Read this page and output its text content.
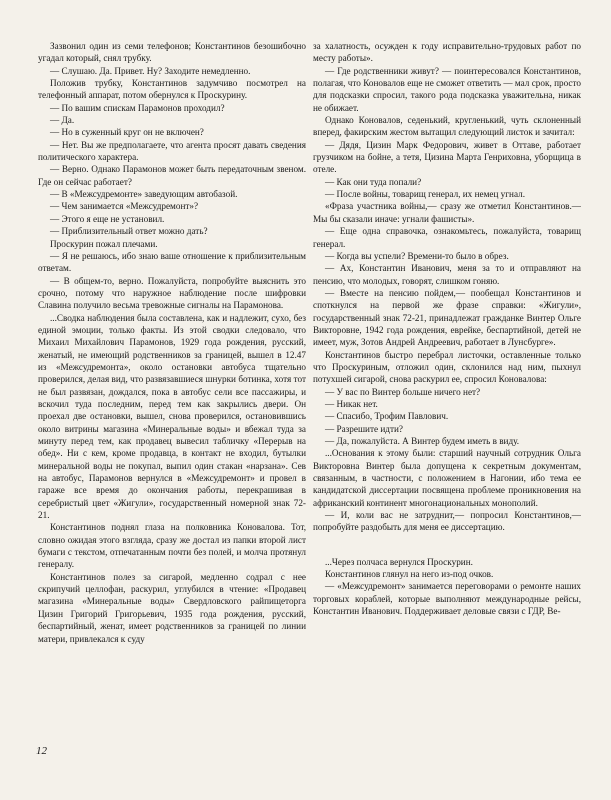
Зазвонил один из семи телефонов; Константинов безошибочно угадал который, снял трубку.

— Слушаю. Да. Привет. Ну? Заходите немедленно.

Положив трубку, Константинов задумчиво посмотрел на телефонный аппарат, потом обернулся к Проскурину.

— По вашим спискам Парамонов проходил?

— Да.

— Но в суженный круг он не включен?

— Нет. Вы же предполагаете, что агента просят давать сведения политического характера.

— Верно. Однако Парамонов может быть передаточным звеном. Где он сейчас работает?

— В «Межсудремонте» заведующим автобазой.

— Чем занимается «Межсудремонт»?

— Этого я еще не установил.

— Приблизительный ответ можно дать?

Проскурин пожал плечами.

— Я не решаюсь, ибо знаю ваше отношение к приблизительным ответам.

— В общем-то, верно. Пожалуйста, попробуйте выяснить это срочно, потому что наружное наблюдение после шифровки Славина получило весьма тревожные сигналы на Парамонова.

...Сводка наблюдения была составлена, как и надлежит, сухо, без единой эмоции, только факты. Из этой сводки следовало, что Михаил Михайлович Парамонов, 1929 года рождения, русский, женатый, не имеющий родственников за границей, вышел в 12.47 из «Межсудремонта», около остановки автобуса тщательно проверился, делая вид, что развязавшиеся шнурки ботинка, хотя тот не был развязан, дождался, пока в автобус сели все пассажиры, и вскочил туда последним, перед тем как закрылись двери. Он проехал две остановки, вышел, снова проверился, остановившись около витрины магазина «Минеральные воды» и вбежал туда за минуту перед тем, как продавец вывесил табличку «Перерыв на обед». Ни с кем, кроме продавца, в контакт не входил, бутылки минеральной воды не покупал, выпил один стакан «нарзана». Сев на автобус, Парамонов вернулся в «Межсудремонт» и провел в гараже все время до окончания работы, перекрашивая в серебристый цвет «Жигули», государственный номерной знак 72-21.

Константинов поднял глаза на полковника Коновалова. Тот, словно ожидая этого взгляда, сразу же достал из папки второй лист бумаги с текстом, отпечатанным почти без полей, и молча протянул генералу.

Константинов полез за сигарой, медленно содрал с нее скрипучий целлофан, раскурил, углубился в чтение: «Продавец магазина «Минеральные воды» Свердловского райпищеторга Цизин Григорий Григорьевич, 1935 года рождения, русский, беспартийный, женат, имеет родственников за границей по линии матери, привлекался к суду

за халатность, осужден к году исправительно-трудовых работ по месту работы».

— Где родственники живут? — поинтересовался Константинов, полагая, что Коновалов еще не сможет ответить — мал срок, просто для подсказки спросил, такого рода подсказка уважительна, никак не обижает.

Однако Коновалов, седенький, кругленький, чуть склоненный вперед, факирским жестом вытащил следующий листок и зачитал:

— Дядя, Цизин Марк Федорович, живет в Оттаве, работает грузчиком на бойне, а тетя, Цизина Марта Генриховна, уборщица в отеле.

— Как они туда попали?

— После войны, товарищ генерал, их немец угнал.

«Фраза участника войны,— сразу же отметил Константинов.— Мы бы сказали иначе: угнали фашисты».

— Еще одна справочка, ознакомьтесь, пожалуйста, товарищ генерал.

— Когда вы успели? Времени-то было в обрез.

— Ах, Константин Иванович, меня за то и отправляют на пенсию, что молодых, говорят, слишком гоняю.

— Вместе на пенсию пойдем,— пообещал Константинов и споткнулся на первой же фразе справки: «Жигули», государственный знак 72-21, принадлежат гражданке Винтер Ольге Викторовне, 1942 года рождения, еврейке, беспартийной, детей не имеет, муж, Зотов Андрей Андреевич, работает в Лунсбурге».

Константинов быстро перебрал листочки, оставленные только что Проскуриным, отложил один, склонился над ним, пыхнул потухшей сигарой, снова раскурил ее, спросил Коновалова:

— У вас по Винтер больше ничего нет?

— Никак нет.

— Спасибо, Трофим Павлович.

— Разрешите идти?

— Да, пожалуйста. А Винтер будем иметь в виду.

...Основания к этому были: старший научный сотрудник Ольга Викторовна Винтер была допущена к секретным документам, связанным, в частности, с положением в Нагонии, ибо тема ее кандидатской диссертации посвящена проблеме проникновения на африканский континент многонациональных монополий.

— И, коли вас не затруднит,— попросил Константинов,— попробуйте раздобыть для меня ее диссертацию.

...Через полчаса вернулся Проскурин.

Константинов глянул на него из-под очков.

— «Межсудремонт» занимается переговорами о ремонте наших торговых кораблей, которые выполняют международные рейсы, Константин Иванович. Поддерживает деловые связи с ГДР, Ве-

12
